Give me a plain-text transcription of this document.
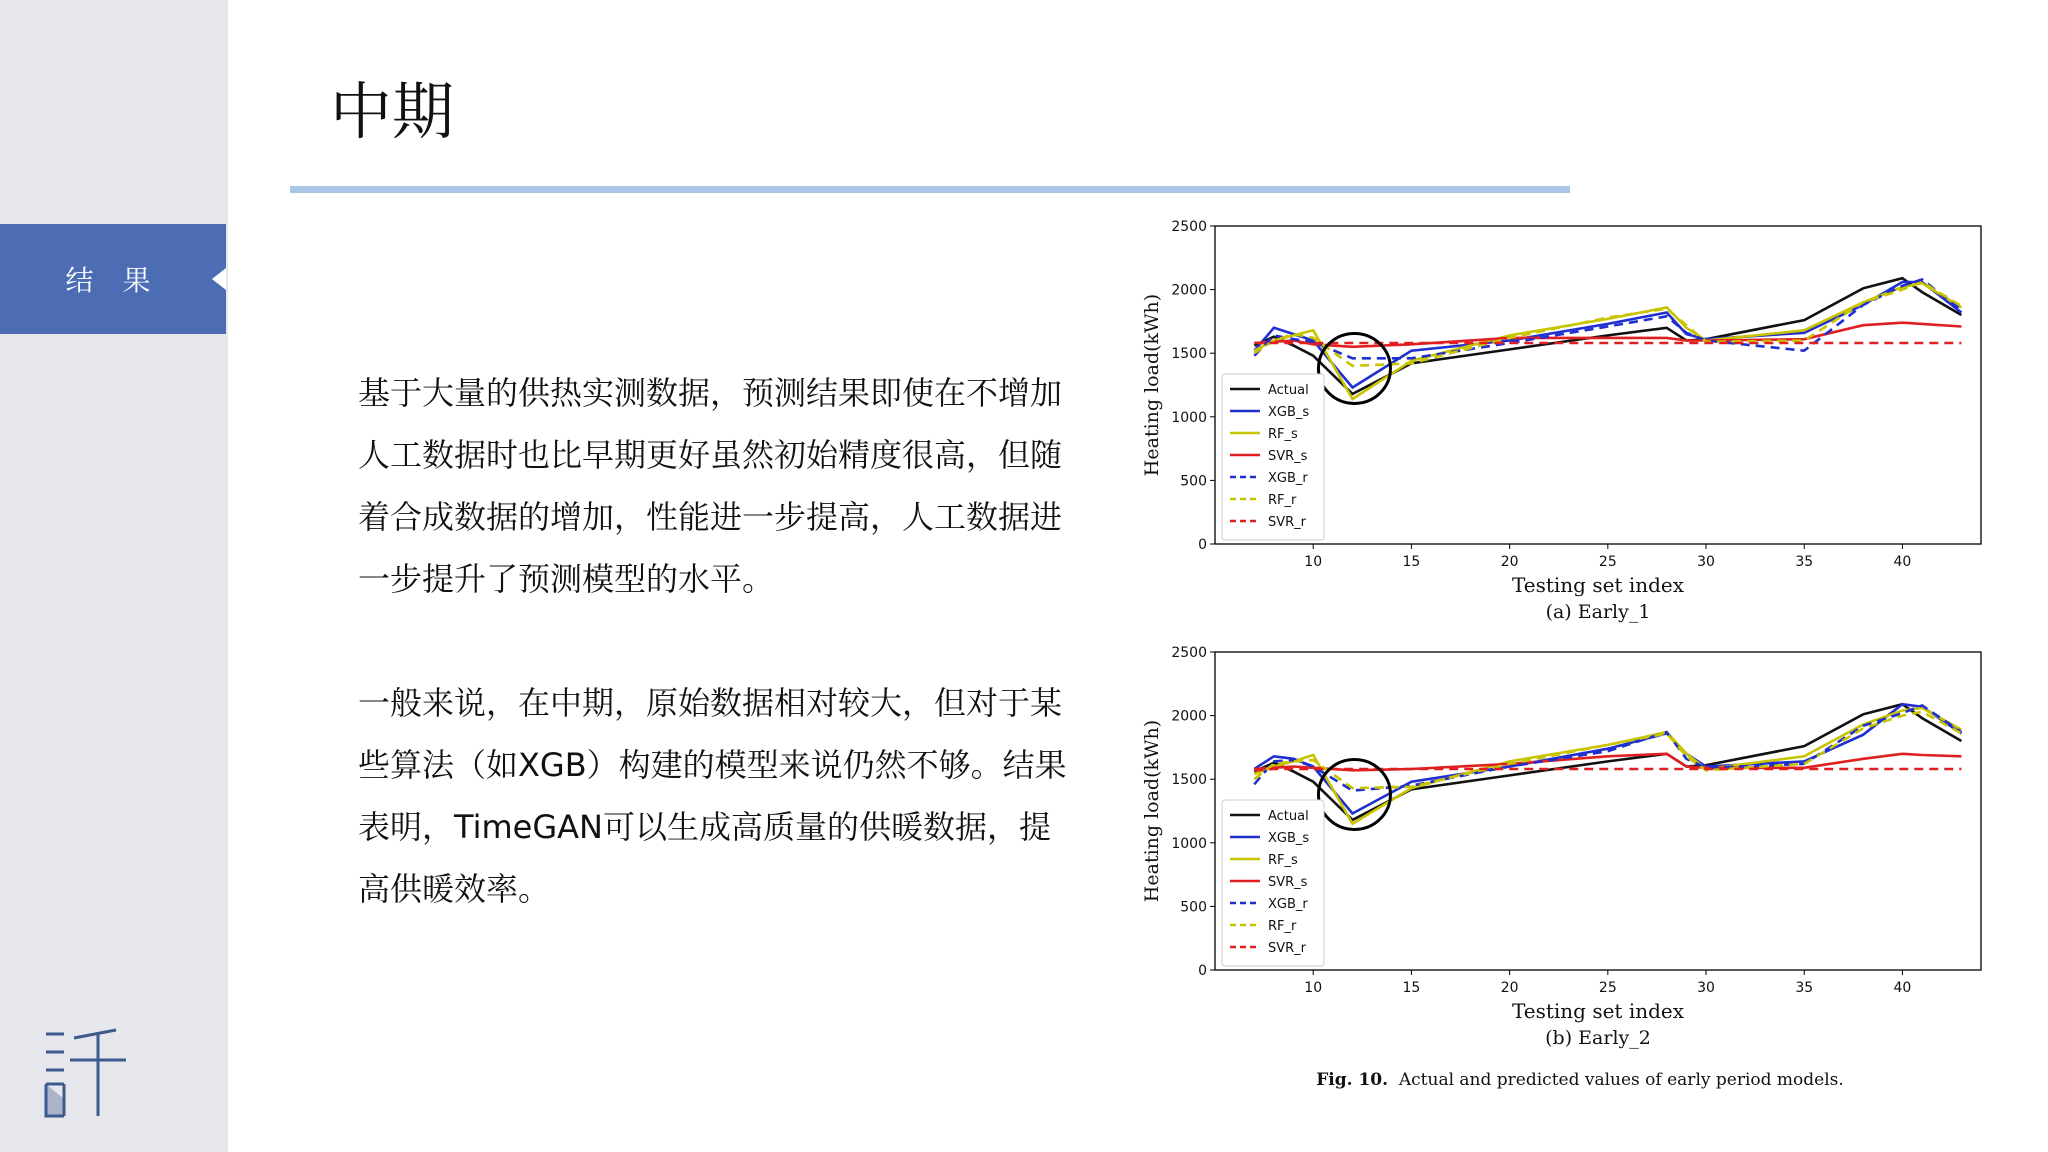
结 果
中期

基于大量的供热实测数据，预测结果即使在不增加人工数据时也比早期更好虽然初始精度很高，但随着合成数据的增加，性能进一步提高，人工数据进一步提升了预测模型的水平。

一般来说，在中期，原始数据相对较大，但对于某些算法（如XGB）构建的模型来说仍然不够。结果表明，TimeGAN可以生成高质量的供暖数据，提高供暖效率。

0
500
1000
1500
2000
2500
10	15	20	25	30	35	40
Actual
XGB_s
RF_s
SVR_s
XGB_r
RF_r
SVR_r
Heating load(kWh)
Testing set index
(a) Early_1
0
500
1000
1500
2000
2500
10	15	20	25	30	35	40
Actual
XGB_s
RF_s
SVR_s
XGB_r
RF_r
SVR_r
Heating load(kWh)
Testing set index
(b) Early_2
Fig. 10. Actual and predicted values of early period models.
